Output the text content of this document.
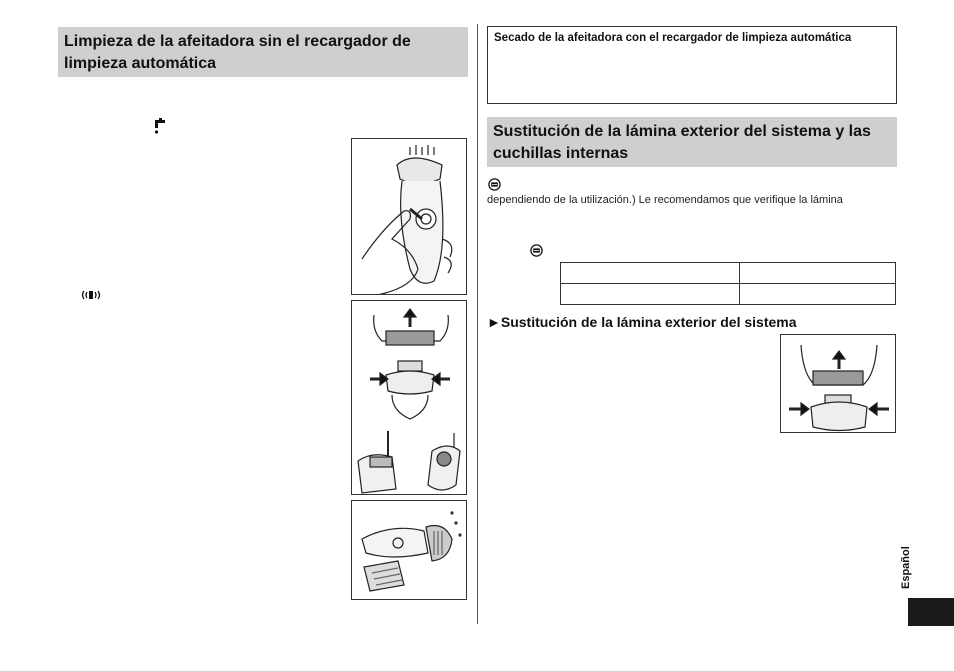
Limpieza de la afeitadora sin el recargador de limpieza automática
Secado de la afeitadora con el recargador de limpieza automática
Sustitución de la lámina exterior del sistema y las cuchillas internas
dependiendo de la utilización.) Le recomendamos que verifique la lámina

►Sustitución de la lámina exterior del sistema
Español
